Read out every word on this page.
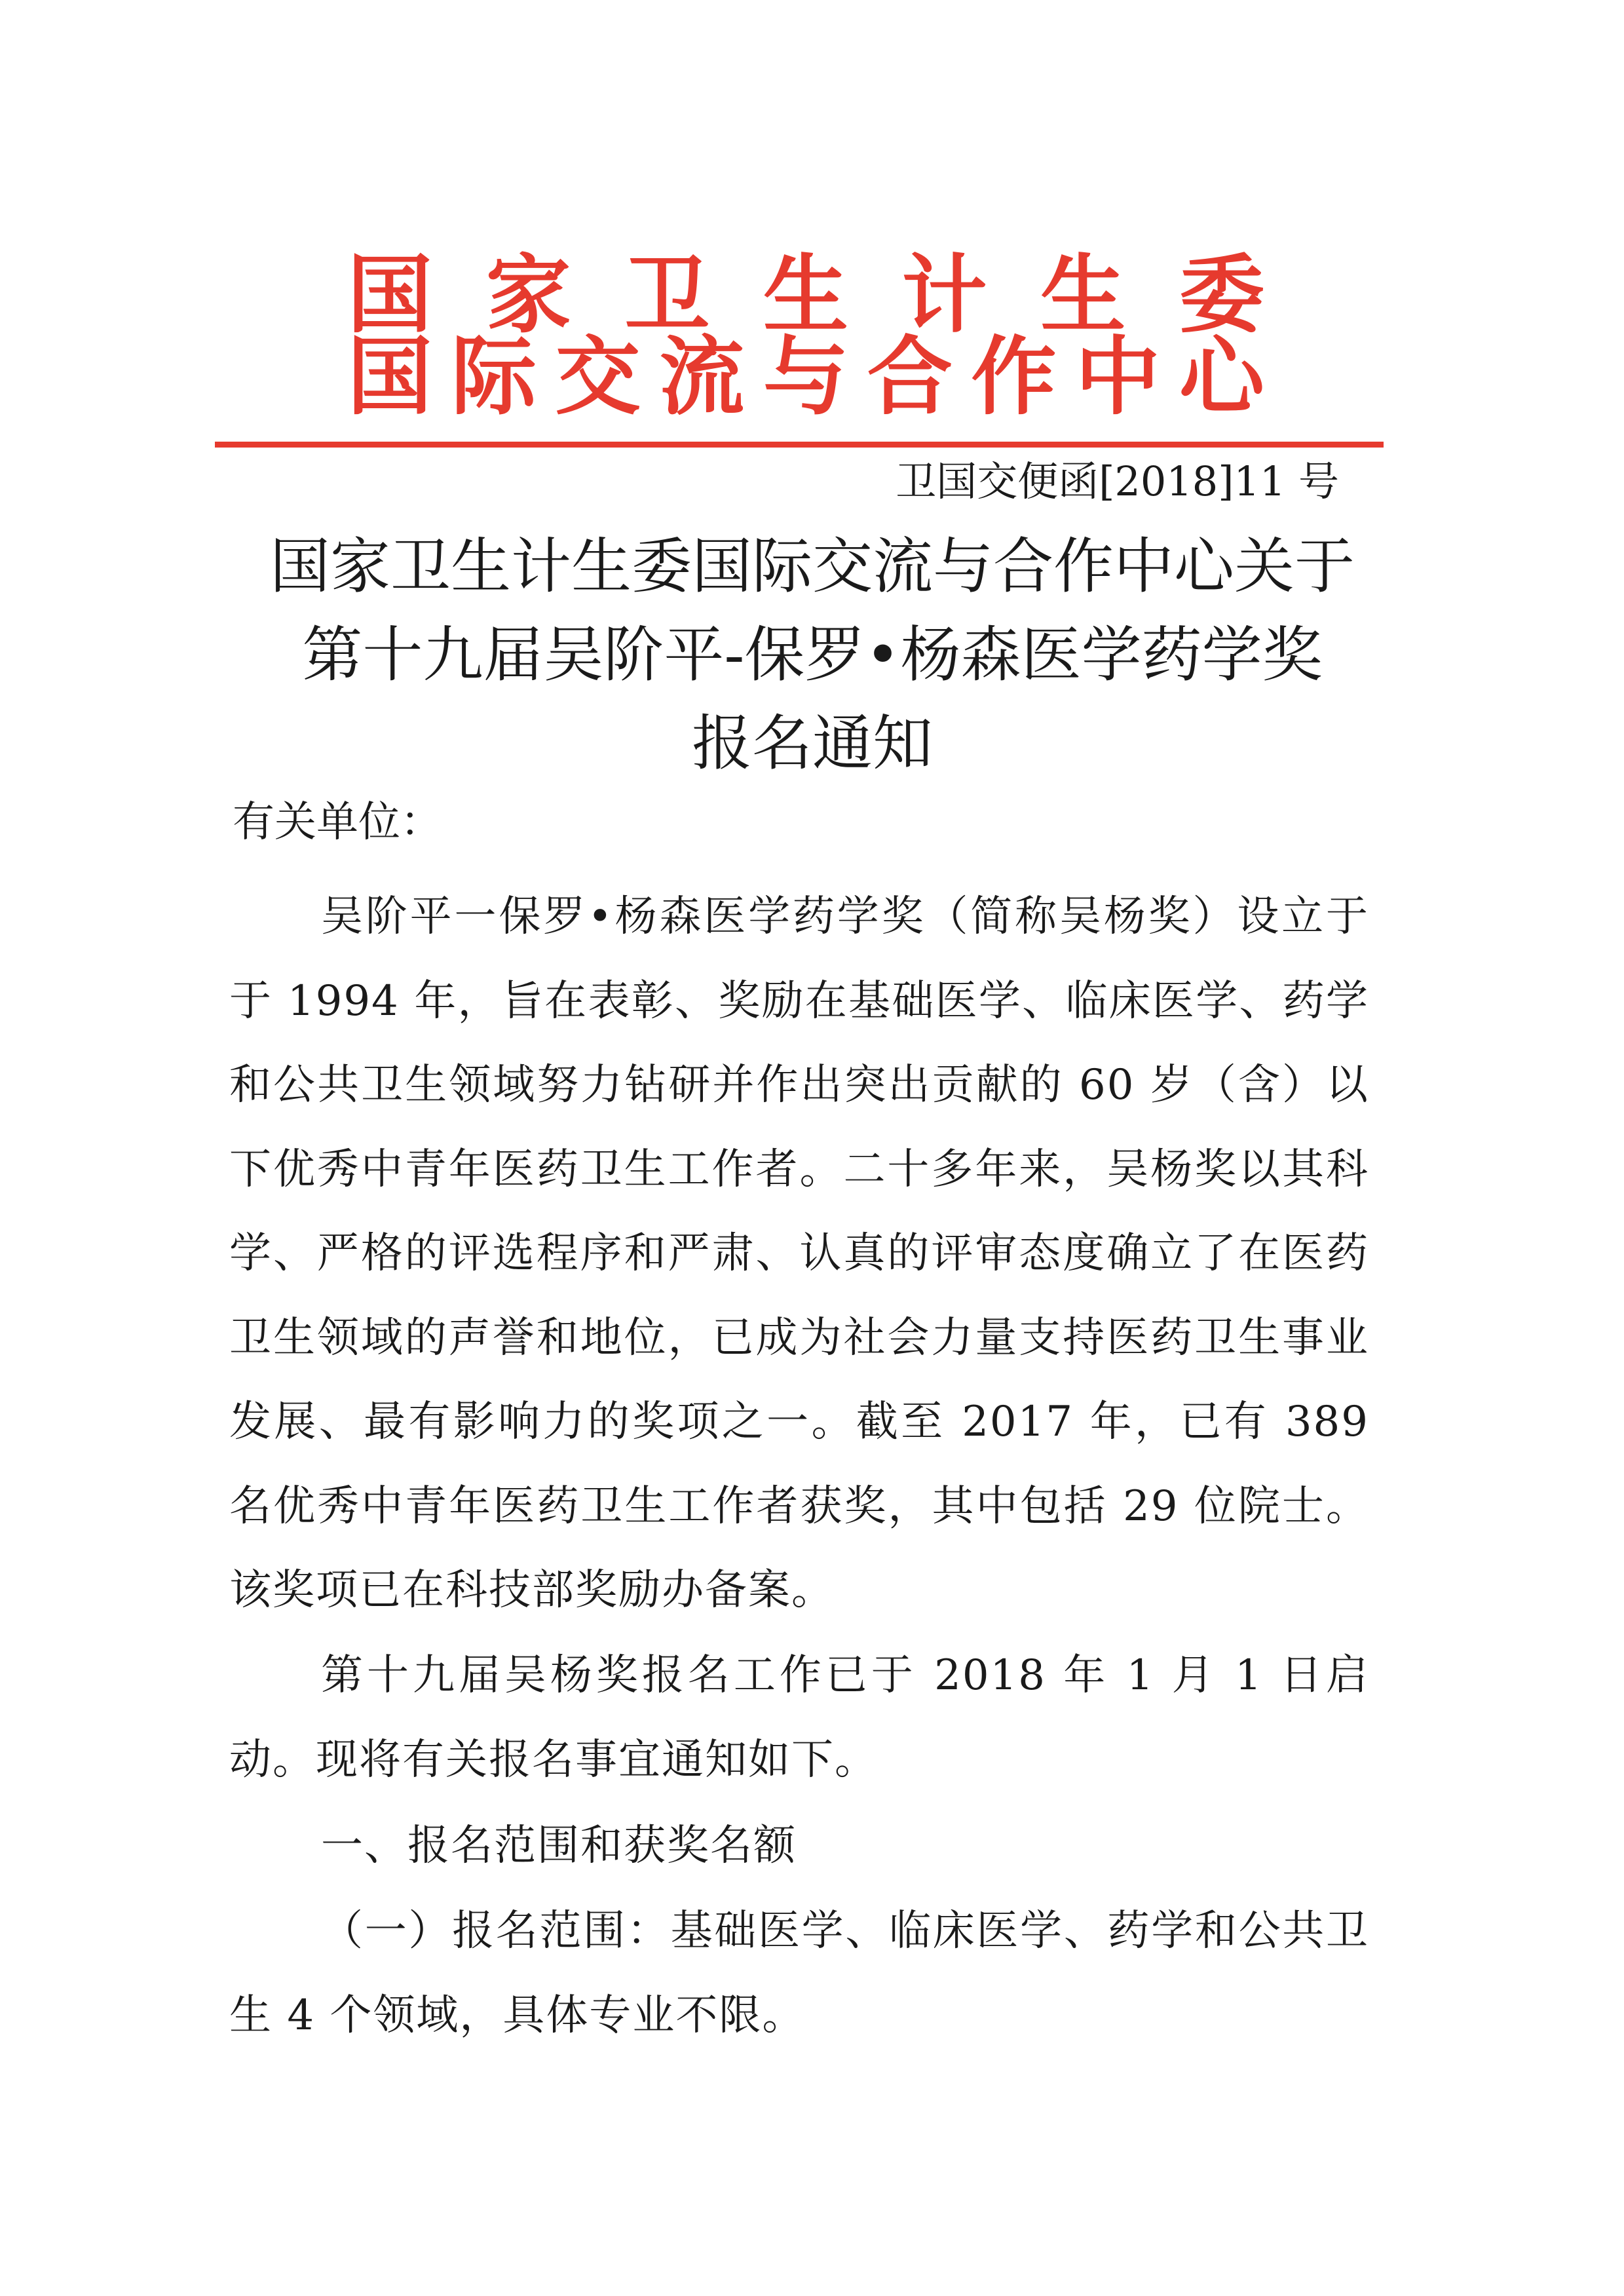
国 家 卫 生 计 生 委
国 际 交 流 与 合 作 中 心
卫国交便函[2018]11 号
国家卫生计生委国际交流与合作中心关于
第十九届吴阶平-保罗•杨森医学药学奖
报名通知
有关单位：
吴阶平一保罗•杨森医学药学奖（简称吴杨奖）设立于于 1994 年，旨在表彰、奖励在基础医学、临床医学、药学和公共卫生领域努力钻研并作出突出贡献的 60 岁（含）以下优秀中青年医药卫生工作者。二十多年来，吴杨奖以其科学、严格的评选程序和严肃、认真的评审态度确立了在医药卫生领域的声誉和地位，已成为社会力量支持医药卫生事业发展、最有影响力的奖项之一。截至 2017 年，已有 389 名优秀中青年医药卫生工作者获奖，其中包括 29 位院士。该奖项已在科技部奖励办备案。
第十九届吴杨奖报名工作已于 2018 年 1 月 1 日启动。现将有关报名事宜通知如下。
一、报名范围和获奖名额
（一）报名范围：基础医学、临床医学、药学和公共卫生 4 个领域，具体专业不限。
